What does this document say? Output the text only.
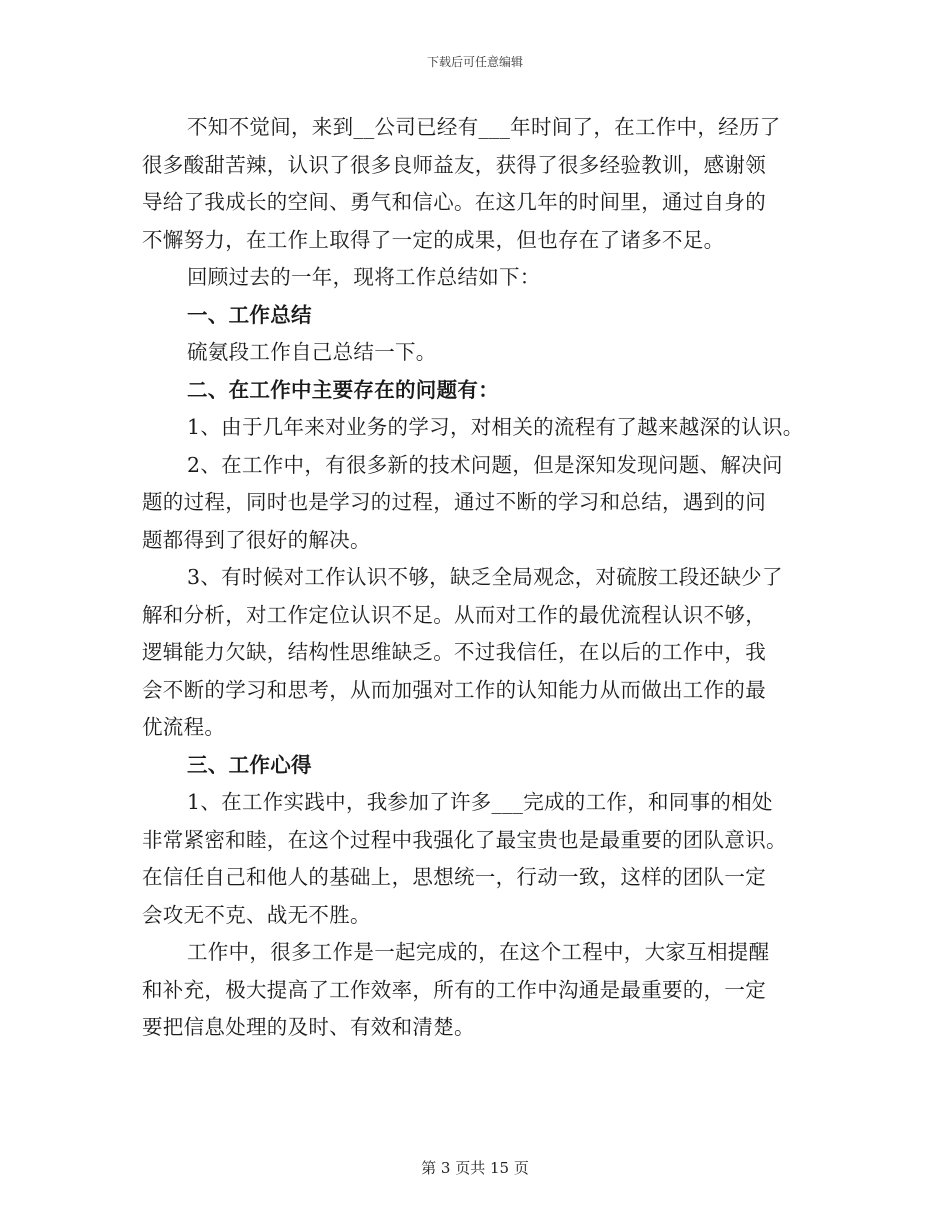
下载后可任意编辑
不知不觉间，来到__公司已经有___年时间了，在工作中，经历了
很多酸甜苦辣，认识了很多良师益友，获得了很多经验教训，感谢领
导给了我成长的空间、勇气和信心。在这几年的时间里，通过自身的
不懈努力，在工作上取得了一定的成果，但也存在了诸多不足。
回顾过去的一年，现将工作总结如下：
一、工作总结
硫氨段工作自己总结一下。
二、在工作中主要存在的问题有：
1、由于几年来对业务的学习，对相关的流程有了越来越深的认识。
2、在工作中，有很多新的技术问题，但是深知发现问题、解决问
题的过程，同时也是学习的过程，通过不断的学习和总结，遇到的问
题都得到了很好的解决。
3、有时候对工作认识不够，缺乏全局观念，对硫胺工段还缺少了
解和分析，对工作定位认识不足。从而对工作的最优流程认识不够，
逻辑能力欠缺，结构性思维缺乏。不过我信任，在以后的工作中，我
会不断的学习和思考，从而加强对工作的认知能力从而做出工作的最
优流程。
三、工作心得
1、在工作实践中，我参加了许多___完成的工作，和同事的相处
非常紧密和睦，在这个过程中我强化了最宝贵也是最重要的团队意识。
在信任自己和他人的基础上，思想统一，行动一致，这样的团队一定
会攻无不克、战无不胜。
工作中，很多工作是一起完成的，在这个工程中，大家互相提醒
和补充，极大提高了工作效率，所有的工作中沟通是最重要的，一定
要把信息处理的及时、有效和清楚。
第 3 页共 15 页
